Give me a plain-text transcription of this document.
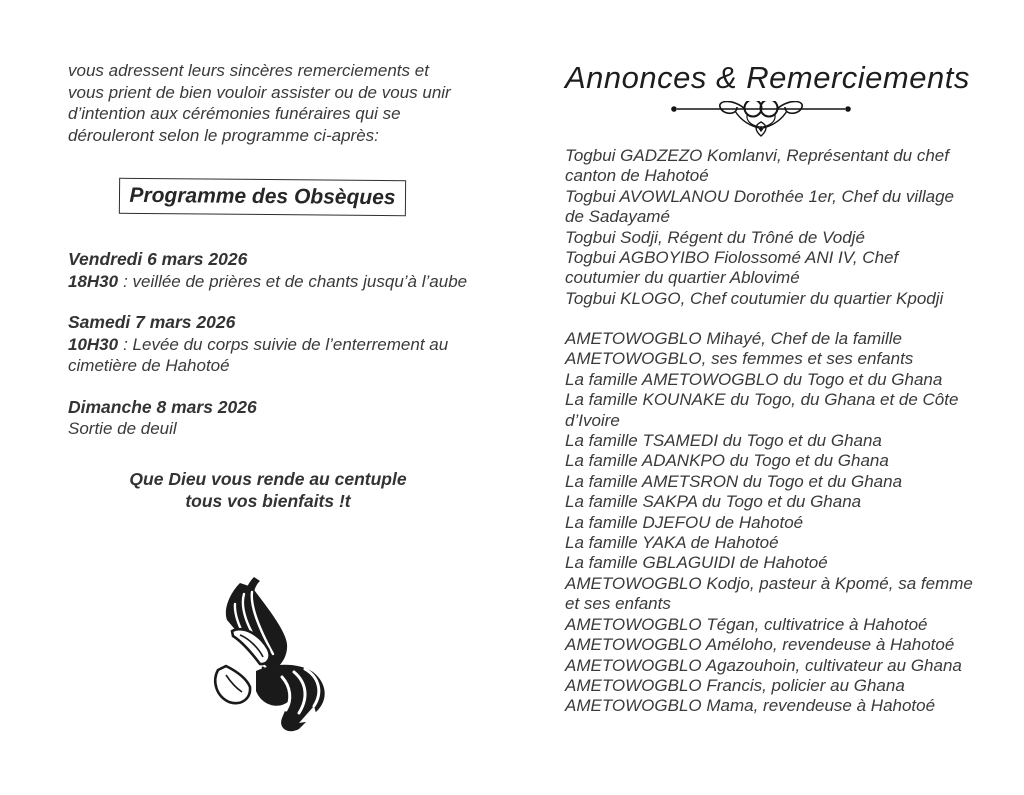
vous adressent leurs sincères remerciements et
vous prient de bien vouloir assister ou de vous unir
d’intention aux cérémonies funéraires qui se
dérouleront selon le programme ci-après:
Programme des Obsèques
Vendredi 6 mars 2026
18H30 : veillée de prières et de chants jusqu’à l’aube
Samedi 7 mars 2026
10H30 : Levée du corps suivie de l’enterrement au
cimetière de Hahotoé
Dimanche 8 mars 2026
Sortie de deuil
Que Dieu vous rende au centuple
tous vos bienfaits !t
Annonces & Remerciements
Togbui GADZEZO Komlanvi, Représentant du chef
canton de Hahotoé
Togbui AVOWLANOU Dorothée 1er, Chef du village
de Sadayamé
Togbui Sodji, Régent du Trôné de Vodjé
Togbui AGBOYIBO Fiolossomé ANI IV, Chef
coutumier du quartier Ablovimé
Togbui KLOGO, Chef coutumier du quartier Kpodji
AMETOWOGBLO Mihayé, Chef de la famille
AMETOWOGBLO, ses femmes et ses enfants
La famille AMETOWOGBLO du Togo et du Ghana
La famille KOUNAKE du Togo, du Ghana et de Côte
d’Ivoire
La famille TSAMEDI du Togo et du Ghana
La famille ADANKPO du Togo et du Ghana
La famille AMETSRON du Togo et du Ghana
La famille SAKPA du Togo et du Ghana
La famille DJEFOU de Hahotoé
La famille YAKA de Hahotoé
La famille GBLAGUIDI de Hahotoé
AMETOWOGBLO Kodjo, pasteur à Kpomé, sa femme
et ses enfants
AMETOWOGBLO Tégan, cultivatrice à Hahotoé
AMETOWOGBLO Améloho, revendeuse à Hahotoé
AMETOWOGBLO Agazouhoin, cultivateur au Ghana
AMETOWOGBLO Francis, policier au Ghana
AMETOWOGBLO Mama, revendeuse à Hahotoé
